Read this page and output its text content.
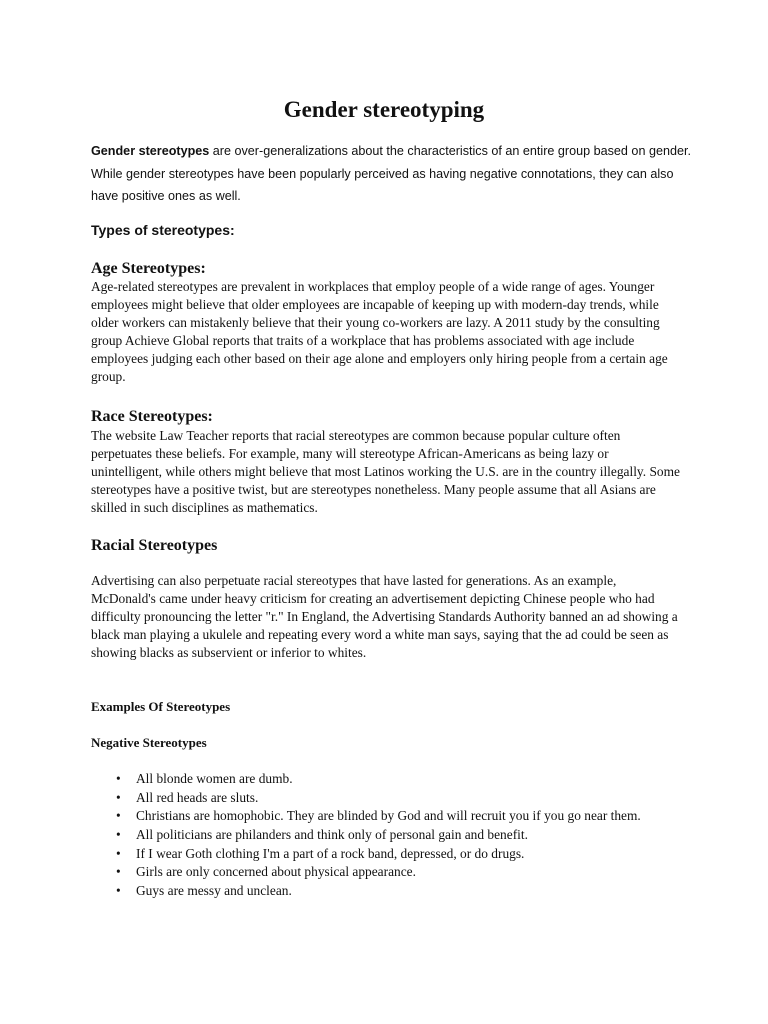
Gender stereotyping

Gender stereotypes are over-generalizations about the characteristics of an entire group based on gender. While gender stereotypes have been popularly perceived as having negative connotations, they can also have positive ones as well.

Types of stereotypes:
Age Stereotypes:

Age-related stereotypes are prevalent in workplaces that employ people of a wide range of ages. Younger employees might believe that older employees are incapable of keeping up with modern-day trends, while older workers can mistakenly believe that their young co-workers are lazy. A 2011 study by the consulting group Achieve Global reports that traits of a workplace that has problems associated with age include employees judging each other based on their age alone and employers only hiring people from a certain age group.

Race Stereotypes:

The website Law Teacher reports that racial stereotypes are common because popular culture often perpetuates these beliefs. For example, many will stereotype African-Americans as being lazy or unintelligent, while others might believe that most Latinos working the U.S. are in the country illegally. Some stereotypes have a positive twist, but are stereotypes nonetheless. Many people assume that all Asians are skilled in such disciplines as mathematics.

Racial Stereotypes

Advertising can also perpetuate racial stereotypes that have lasted for generations. As an example, McDonald's came under heavy criticism for creating an advertisement depicting Chinese people who had difficulty pronouncing the letter "r." In England, the Advertising Standards Authority banned an ad showing a black man playing a ukulele and repeating every word a white man says, saying that the ad could be seen as showing blacks as subservient or inferior to whites.

Examples Of Stereotypes
Negative Stereotypes
• All blonde women are dumb.
• All red heads are sluts.
• Christians are homophobic. They are blinded by God and will recruit you if you go near them.
• All politicians are philanders and think only of personal gain and benefit.
• If I wear Goth clothing I'm a part of a rock band, depressed, or do drugs.
• Girls are only concerned about physical appearance.
• Guys are messy and unclean.
